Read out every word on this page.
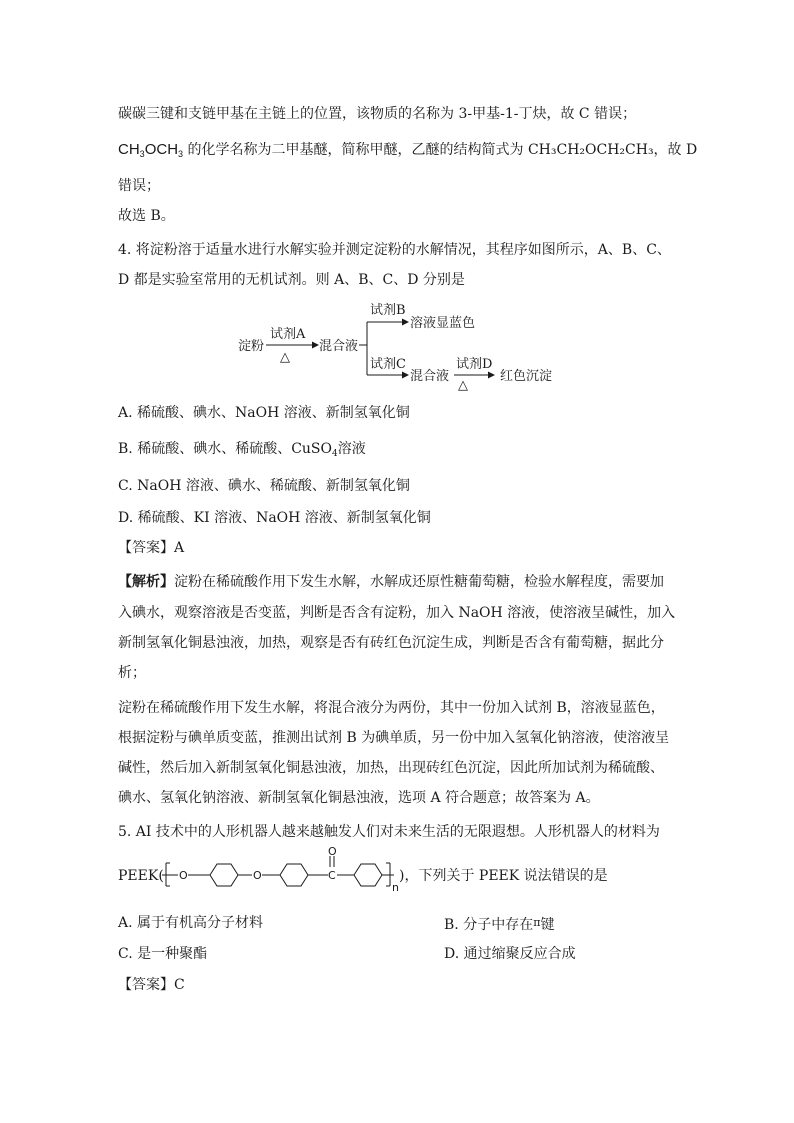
碳碳三键和支链甲基在主链上的位置，该物质的名称为 3-甲基-1-丁炔，故 C 错误；
$CH_3OCH_3$ 的化学名称为二甲基醚，简称甲醚，乙醚的结构简式为 CH₃CH₂OCH₂CH₃，故 D
错误；
故选 B。
4. 将淀粉溶于适量水进行水解实验并测定淀粉的水解情况，其程序如图所示，A、B、C、
D 都是实验室常用的无机试剂。则 A、B、C、D 分别是
淀粉
试剂A
△
混合液
试剂B
溶液显蓝色
试剂C
混合液
试剂D
△
红色沉淀
A. 稀硫酸、碘水、NaOH 溶液、新制氢氧化铜
B. 稀硫酸、碘水、稀硫酸、CuSO$_4$溶液
C. NaOH 溶液、碘水、稀硫酸、新制氢氧化铜
D. 稀硫酸、KI 溶液、NaOH 溶液、新制氢氧化铜
【答案】A
【解析】淀粉在稀硫酸作用下发生水解，水解成还原性糖葡萄糖，检验水解程度，需要加
入碘水，观察溶液是否变蓝，判断是否含有淀粉，加入 NaOH 溶液，使溶液呈碱性，加入
新制氢氧化铜悬浊液，加热，观察是否有砖红色沉淀生成，判断是否含有葡萄糖，据此分
析；
淀粉在稀硫酸作用下发生水解，将混合液分为两份，其中一份加入试剂 B，溶液显蓝色，
根据淀粉与碘单质变蓝，推测出试剂 B 为碘单质，另一份中加入氢氧化钠溶液，使溶液呈
碱性，然后加入新制氢氧化铜悬浊液，加热，出现砖红色沉淀，因此所加试剂为稀硫酸、
碘水、氢氧化钠溶液、新制氢氧化铜悬浊液，选项 A 符合题意；故答案为 A。
5. AI 技术中的人形机器人越来越触发人们对未来生活的无限遐想。人形机器人的材料为
PEEK( O	O	C
O
n
)，下列关于 PEEK 说法错误的是
A. 属于有机高分子材料	B. 分子中存在$^\pi$键
C. 是一种聚酯	D. 通过缩聚反应合成
【答案】C
